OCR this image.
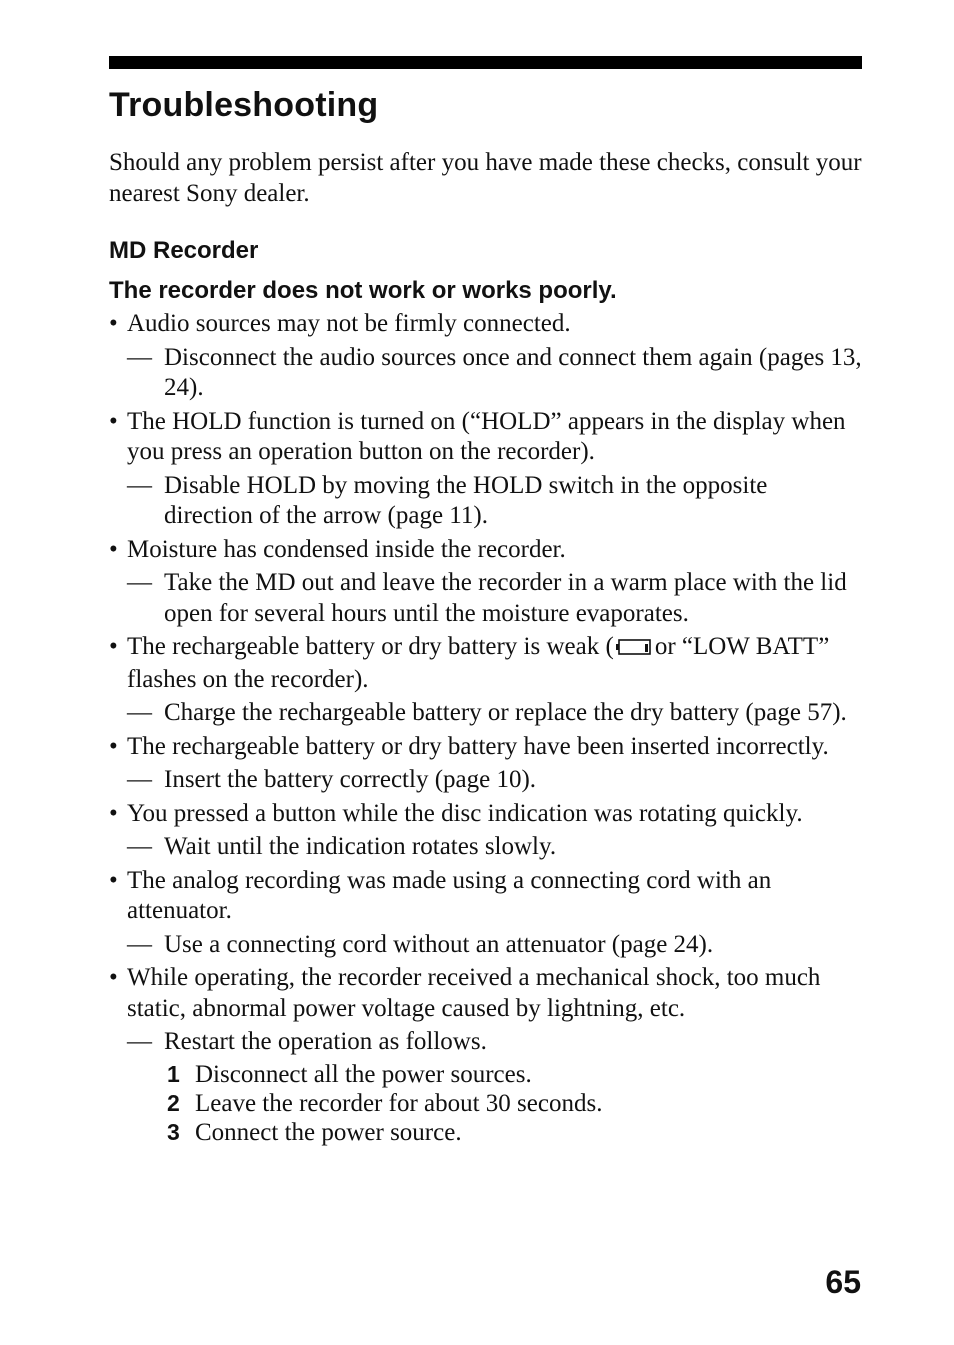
Troubleshooting

Should any problem persist after you have made these checks, consult your nearest Sony dealer.

MD Recorder
The recorder does not work or works poorly.
• Audio sources may not be firmly connected.
— Disconnect the audio sources once and connect them again (pages 13, 24).
• The HOLD function is turned on (“HOLD” appears in the display when you press an operation button on the recorder).
— Disable HOLD by moving the HOLD switch in the opposite direction of the arrow (page 11).
• Moisture has condensed inside the recorder.
— Take the MD out and leave the recorder in a warm place with the lid open for several hours until the moisture evaporates.
• The rechargeable battery or dry battery is weak ( or “LOW BATT” flashes on the recorder).
— Charge the rechargeable battery or replace the dry battery (page 57).
• The rechargeable battery or dry battery have been inserted incorrectly.
— Insert the battery correctly (page 10).
• You pressed a button while the disc indication was rotating quickly.
— Wait until the indication rotates slowly.
• The analog recording was made using a connecting cord with an attenuator.
— Use a connecting cord without an attenuator (page 24).
• While operating, the recorder received a mechanical shock, too much static, abnormal power voltage caused by lightning, etc.
— Restart the operation as follows.
1 Disconnect all the power sources.
2 Leave the recorder for about 30 seconds.
3 Connect the power source.
65
